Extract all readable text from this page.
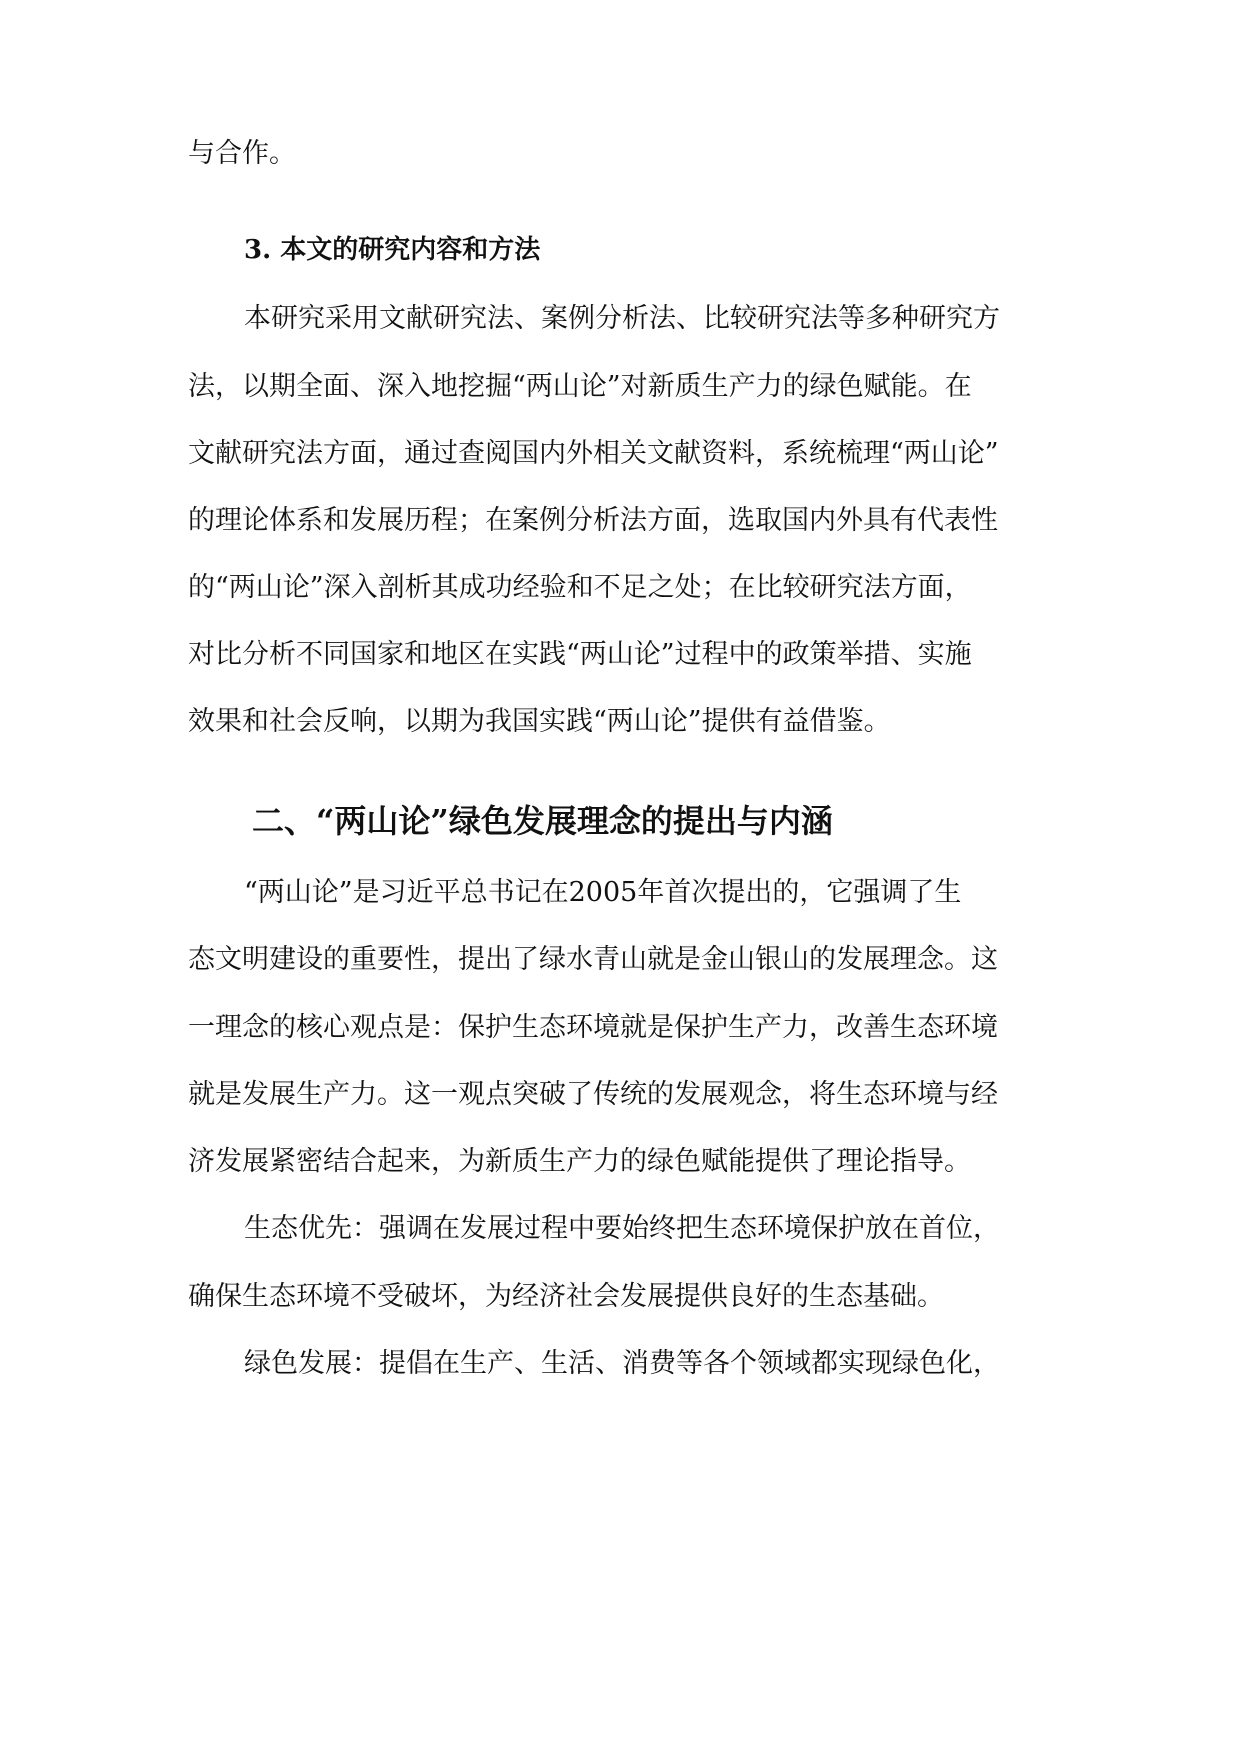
与合作。
3. 本文的研究内容和方法
本研究采用文献研究法、案例分析法、比较研究法等多种研究方
法，以期全面、深入地挖掘“两山论”对新质生产力的绿色赋能。在
文献研究法方面，通过查阅国内外相关文献资料，系统梳理“两山论”
的理论体系和发展历程；在案例分析法方面，选取国内外具有代表性
的“两山论”深入剖析其成功经验和不足之处；在比较研究法方面，
对比分析不同国家和地区在实践“两山论”过程中的政策举措、实施
效果和社会反响，以期为我国实践“两山论”提供有益借鉴。
二、“两山论”绿色发展理念的提出与内涵
“两山论”是习近平总书记在2005年首次提出的，它强调了生
态文明建设的重要性，提出了绿水青山就是金山银山的发展理念。这
一理念的核心观点是：保护生态环境就是保护生产力，改善生态环境
就是发展生产力。这一观点突破了传统的发展观念，将生态环境与经
济发展紧密结合起来，为新质生产力的绿色赋能提供了理论指导。
生态优先：强调在发展过程中要始终把生态环境保护放在首位，
确保生态环境不受破坏，为经济社会发展提供良好的生态基础。
绿色发展：提倡在生产、生活、消费等各个领域都实现绿色化，
